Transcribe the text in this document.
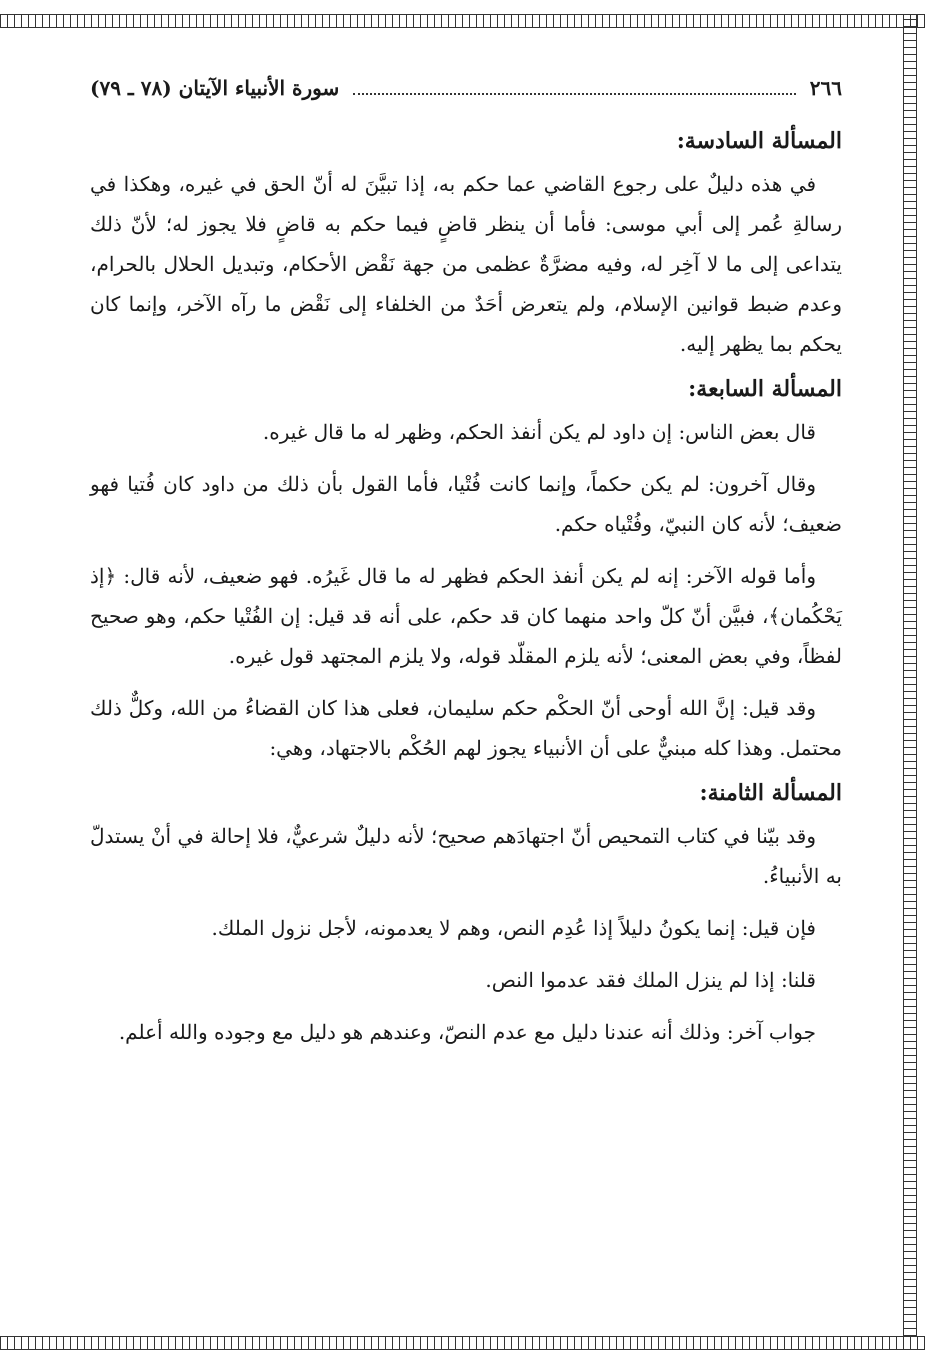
٢٦٦
سورة الأنبياء الآيتان (٧٨ ـ ٧٩)
المسألة السادسة:

في هذه دليلٌ على رجوع القاضي عما حكم به، إذا تبيَّنَ له أنّ الحق في غيره، وهكذا في رسالةِ عُمر إلى أبي موسى: فأما أن ينظر قاضٍ فيما حكم به قاضٍ فلا يجوز له؛ لأنّ ذلك يتداعى إلى ما لا آخِر له، وفيه مضرَّةٌ عظمى من جهة نَقْض الأحكام، وتبديل الحلال بالحرام، وعدم ضبط قوانين الإسلام، ولم يتعرض أحَدٌ من الخلفاء إلى نَقْض ما رآه الآخر، وإنما كان يحكم بما يظهر إليه.

المسألة السابعة:

قال بعض الناس: إن داود لم يكن أنفذ الحكم، وظهر له ما قال غيره.

وقال آخرون: لم يكن حكماً، وإنما كانت فُتْيا، فأما القول بأن ذلك من داود كان فُتيا فهو ضعيف؛ لأنه كان النبيّ، وفُتْياه حكم.

وأما قوله الآخر: إنه لم يكن أنفذ الحكم فظهر له ما قال غَيرُه. فهو ضعيف، لأنه قال: ﴿إذ يَحْكُمان﴾، فبيَّن أنّ كلّ واحد منهما كان قد حكم، على أنه قد قيل: إن الفُتْيا حكم، وهو صحيح لفظاً، وفي بعض المعنى؛ لأنه يلزم المقلّد قوله، ولا يلزم المجتهد قول غيره.

وقد قيل: إنَّ الله أوحى أنّ الحكْم حكم سليمان، فعلى هذا كان القضاءُ من الله، وكلٌّ ذلك محتمل. وهذا كله مبنيٌّ على أن الأنبياء يجوز لهم الحُكْم بالاجتهاد، وهي:

المسألة الثامنة:

وقد بيّنا في كتاب التمحيص أنّ اجتهادَهم صحيح؛ لأنه دليلٌ شرعيٌّ، فلا إحالة في أنْ يستدلّ به الأنبياءُ.

فإن قيل: إنما يكونُ دليلاً إذا عُدِم النص، وهم لا يعدمونه، لأجل نزول الملك.

قلنا: إذا لم ينزل الملك فقد عدموا النص.

جواب آخر: وذلك أنه عندنا دليل مع عدم النصّ، وعندهم هو دليل مع وجوده والله أعلم.
